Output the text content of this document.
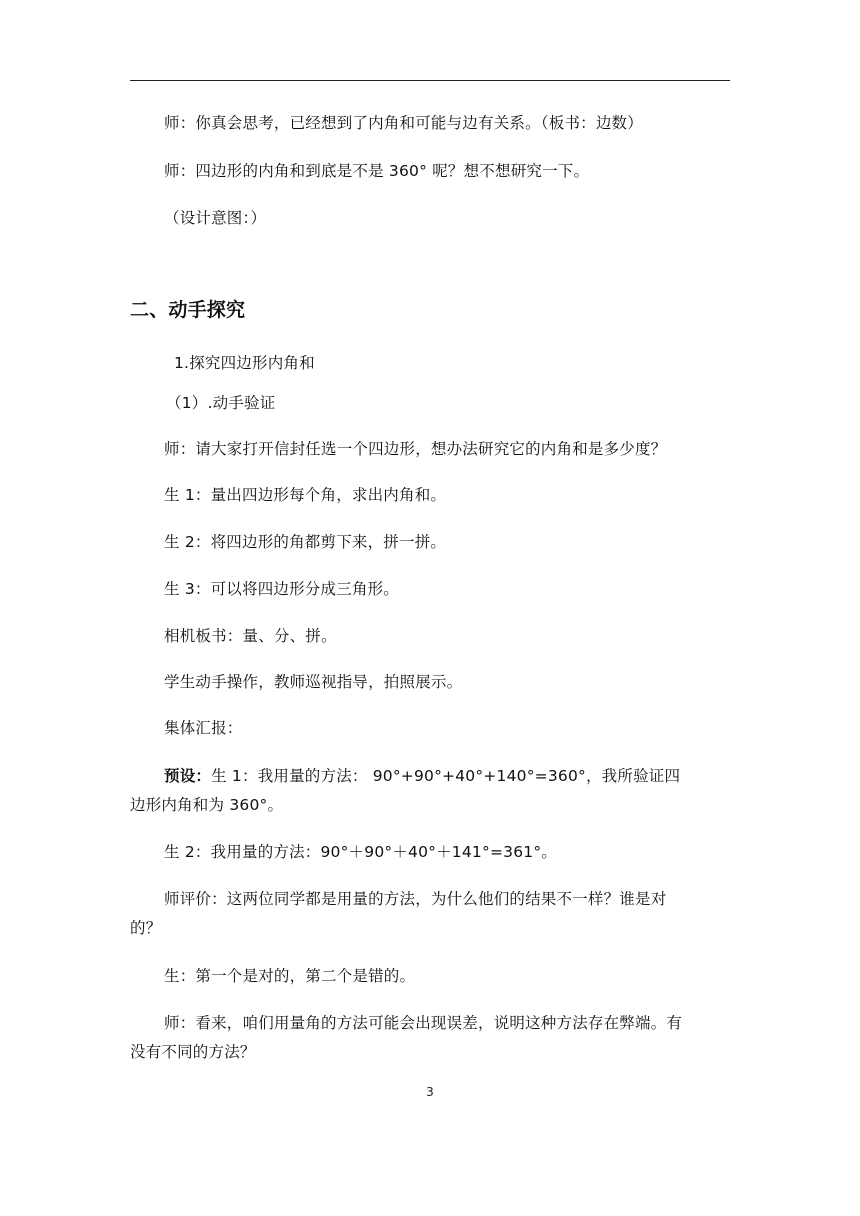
师：你真会思考，已经想到了内角和可能与边有关系。（板书：边数）
师：四边形的内角和到底是不是 360° 呢？想不想研究一下。
（设计意图：）
二、动手探究
1.探究四边形内角和
（1）.动手验证
师：请大家打开信封任选一个四边形，想办法研究它的内角和是多少度？
生 1：量出四边形每个角，求出内角和。
生 2：将四边形的角都剪下来，拼一拼。
生 3：可以将四边形分成三角形。
相机板书：量、分、拼。
学生动手操作，教师巡视指导，拍照展示。
集体汇报：
预设：生 1：我用量的方法： 90°+90°+40°+140°=360°，我所验证四
边形内角和为 360°。
生 2：我用量的方法：90°＋90°＋40°＋141°=361°。
师评价：这两位同学都是用量的方法，为什么他们的结果不一样？谁是对
的？
生：第一个是对的，第二个是错的。
师：看来，咱们用量角的方法可能会出现误差，说明这种方法存在弊端。有
没有不同的方法？
3
